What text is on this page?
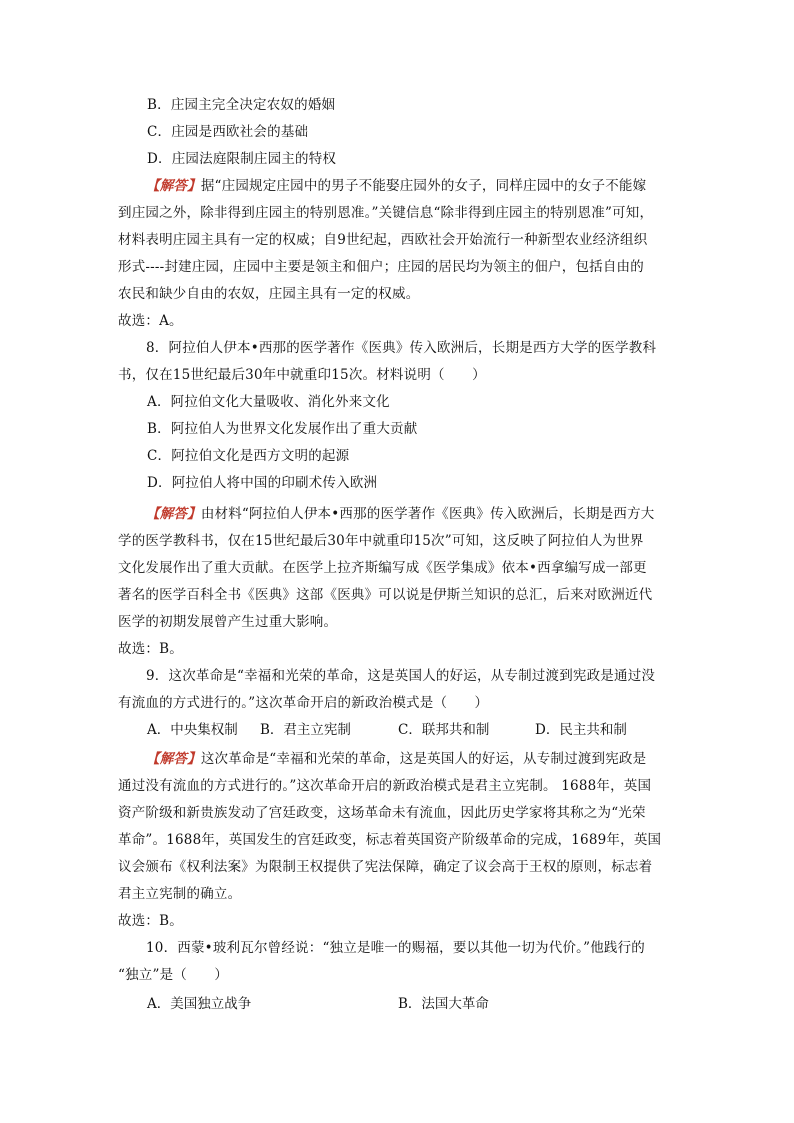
B．庄园主完全决定农奴的婚姻
C．庄园是西欧社会的基础
D．庄园法庭限制庄园主的特权
【解答】据“庄园规定庄园中的男子不能娶庄园外的女子，同样庄园中的女子不能嫁
到庄园之外，除非得到庄园主的特别恩准。”关键信息“除非得到庄园主的特别恩准”可知，
材料表明庄园主具有一定的权威；自9世纪起，西欧社会开始流行一种新型农业经济组织
形式----封建庄园，庄园中主要是领主和佃户；庄园的居民均为领主的佃户，包括自由的
农民和缺少自由的农奴，庄园主具有一定的权威。
故选：A。
8．阿拉伯人伊本•西那的医学著作《医典》传入欧洲后，长期是西方大学的医学教科
书，仅在15世纪最后30年中就重印15次。材料说明（　　）
A．阿拉伯文化大量吸收、消化外来文化
B．阿拉伯人为世界文化发展作出了重大贡献
C．阿拉伯文化是西方文明的起源
D．阿拉伯人将中国的印刷术传入欧洲
【解答】由材料“阿拉伯人伊本•西那的医学著作《医典》传入欧洲后，长期是西方大
学的医学教科书，仅在15世纪最后30年中就重印15次”可知，这反映了阿拉伯人为世界
文化发展作出了重大贡献。在医学上拉齐斯编写成《医学集成》依本•西拿编写成一部更
著名的医学百科全书《医典》这部《医典》可以说是伊斯兰知识的总汇，后来对欧洲近代
医学的初期发展曾产生过重大影响。
故选：B。
9．这次革命是“幸福和光荣的革命，这是英国人的好运，从专制过渡到宪政是通过没
有流血的方式进行的。”这次革命开启的新政治模式是（　　）
A．中央集权制 B．君主立宪制	C．联邦共和制	D．民主共和制
【解答】这次革命是“幸福和光荣的革命，这是英国人的好运，从专制过渡到宪政是
通过没有流血的方式进行的。”这次革命开启的新政治模式是君主立宪制。 1688年，英国
资产阶级和新贵族发动了宫廷政变，这场革命未有流血，因此历史学家将其称之为“光荣
革命”。1688年，英国发生的宫廷政变，标志着英国资产阶级革命的完成，1689年，英国
议会颁布《权利法案》为限制王权提供了宪法保障，确定了议会高于王权的原则，标志着
君主立宪制的确立。
故选：B。
10．西蒙•玻利瓦尔曾经说：“独立是唯一的赐福，要以其他一切为代价。”他践行的
“独立”是（　　）
A．美国独立战争	B．法国大革命
